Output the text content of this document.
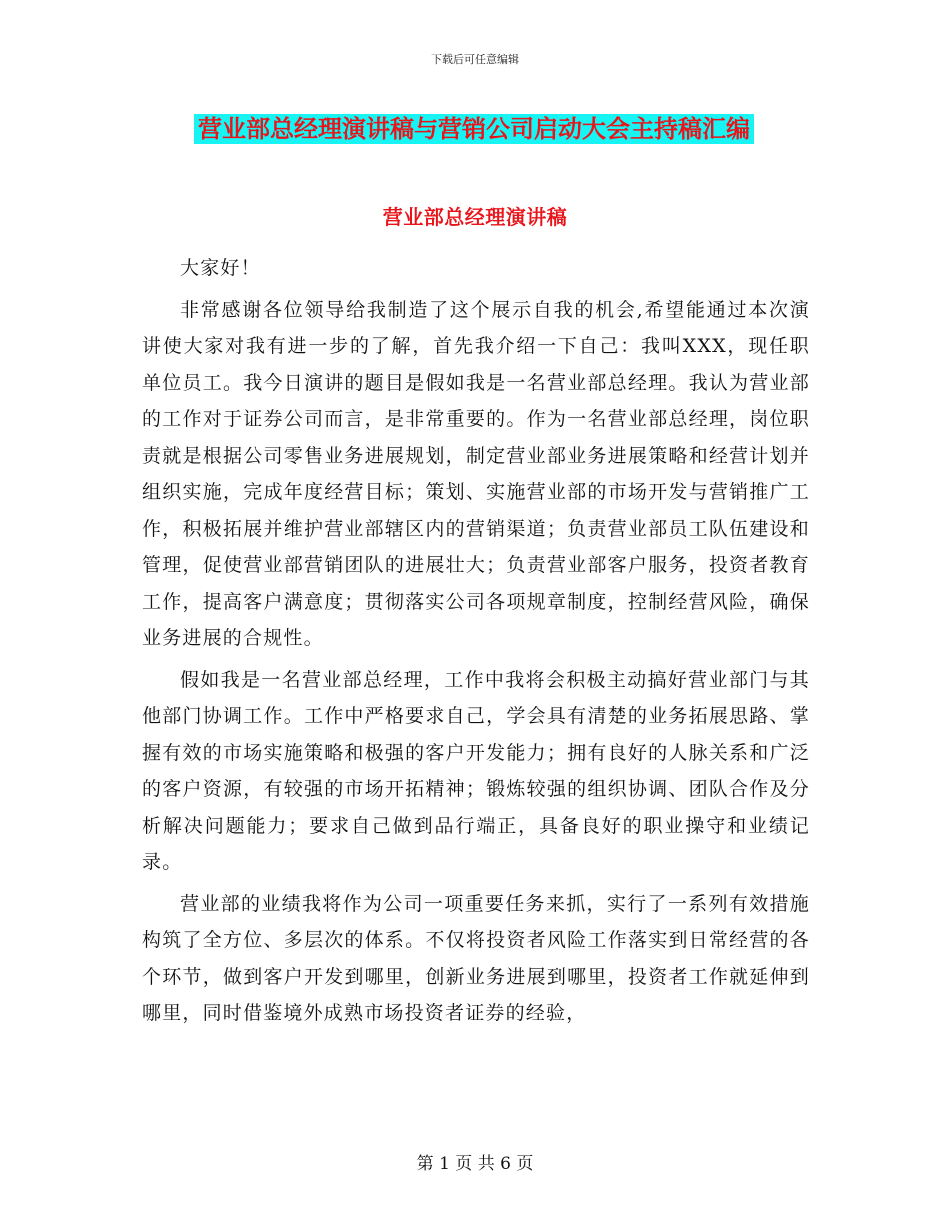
下载后可任意编辑
营业部总经理演讲稿与营销公司启动大会主持稿汇编
营业部总经理演讲稿

大家好！

非常感谢各位领导给我制造了这个展示自我的机会,希望能通过本次演讲使大家对我有进一步的了解，首先我介绍一下自己：我叫XXX，现任职单位员工。我今日演讲的题目是假如我是一名营业部总经理。我认为营业部的工作对于证券公司而言，是非常重要的。作为一名营业部总经理，岗位职责就是根据公司零售业务进展规划，制定营业部业务进展策略和经营计划并组织实施，完成年度经营目标；策划、实施营业部的市场开发与营销推广工作，积极拓展并维护营业部辖区内的营销渠道；负责营业部员工队伍建设和管理，促使营业部营销团队的进展壮大；负责营业部客户服务，投资者教育工作，提高客户满意度；贯彻落实公司各项规章制度，控制经营风险，确保业务进展的合规性。

假如我是一名营业部总经理，工作中我将会积极主动搞好营业部门与其他部门协调工作。工作中严格要求自己，学会具有清楚的业务拓展思路、掌握有效的市场实施策略和极强的客户开发能力；拥有良好的人脉关系和广泛的客户资源，有较强的市场开拓精神；锻炼较强的组织协调、团队合作及分析解决问题能力；要求自己做到品行端正，具备良好的职业操守和业绩记录。

营业部的业绩我将作为公司一项重要任务来抓，实行了一系列有效措施构筑了全方位、多层次的体系。不仅将投资者风险工作落实到日常经营的各个环节，做到客户开发到哪里，创新业务进展到哪里，投资者工作就延伸到哪里，同时借鉴境外成熟市场投资者证券的经验，

第 1 页 共 6 页
